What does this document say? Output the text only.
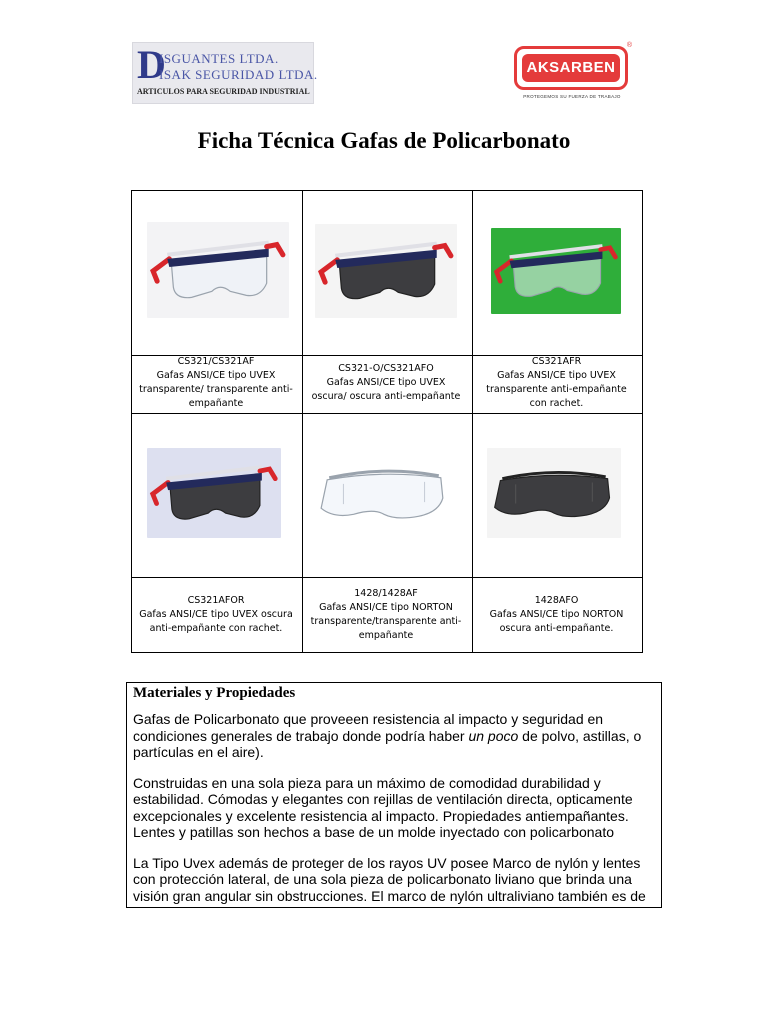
D
ISGUANTES LTDA.
ISAK SEGURIDAD LTDA.
ARTICULOS PARA SEGURIDAD INDUSTRIAL
AKSARBEN
®
PROTEGEMOS SU FUERZA DE TRABAJO
Ficha Técnica Gafas de Policarbonato
CS321/CS321AF
Gafas ANSI/CE tipo UVEX
transparente/ transparente anti-
empañante
CS321-O/CS321AFO
Gafas ANSI/CE tipo UVEX
oscura/ oscura anti-empañante
CS321AFR
Gafas ANSI/CE tipo UVEX
transparente anti-empañante
con rachet.
CS321AFOR
Gafas ANSI/CE tipo UVEX oscura
anti-empañante con rachet.
1428/1428AF
Gafas ANSI/CE tipo NORTON
transparente/transparente anti-
empañante
1428AFO
Gafas ANSI/CE tipo NORTON
oscura anti-empañante.
Materiales y Propiedades

Gafas de Policarbonato que proveeen resistencia al impacto y seguridad en condiciones generales de trabajo donde podría haber un poco de polvo, astillas, o partículas en el aire).

Construidas en una sola pieza para un máximo de comodidad durabilidad y estabilidad. Cómodas y elegantes con rejillas de ventilación directa, opticamente excepcionales y excelente resistencia al impacto. Propiedades antiempañantes. Lentes y patillas son hechos a base de un molde inyectado con policarbonato

La Tipo Uvex además de proteger de los rayos UV posee Marco de nylón y lentes con protección lateral, de una sola pieza de policarbonato liviano que brinda una visión gran angular sin obstrucciones. El marco de nylón ultraliviano también es de
